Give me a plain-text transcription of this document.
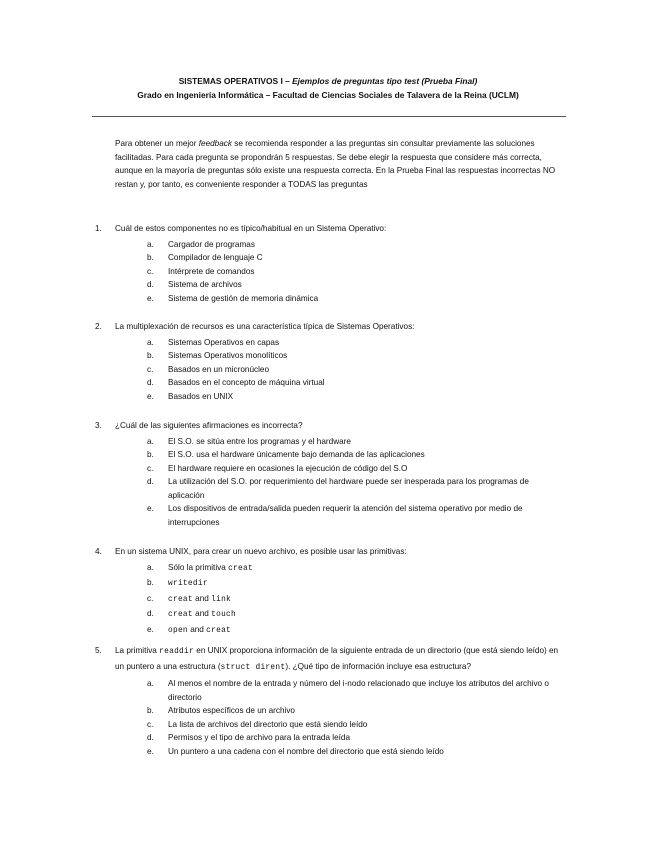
SISTEMAS OPERATIVOS I – Ejemplos de preguntas tipo test (Prueba Final)
Grado en Ingeniería Informática – Facultad de Ciencias Sociales de Talavera de la Reina (UCLM)
Para obtener un mejor feedback se recomienda responder a las preguntas sin consultar previamente las soluciones facilitadas. Para cada pregunta se propondrán 5 respuestas. Se debe elegir la respuesta que considere más correcta, aunque en la mayoría de preguntas sólo existe una respuesta correcta. En la Prueba Final las respuestas incorrectas NO restan y, por tanto, es conveniente responder a TODAS las preguntas
1. Cuál de estos componentes no es típico/habitual en un Sistema Operativo:
a. Cargador de programas
b. Compilador de lenguaje C
c. Intérprete de comandos
d. Sistema de archivos
e. Sistema de gestión de memoria dinámica
2. La multiplexación de recursos es una característica típica de Sistemas Operativos:
a. Sistemas Operativos en capas
b. Sistemas Operativos monolíticos
c. Basados en un micronúcleo
d. Basados en el concepto de máquina virtual
e. Basados en UNIX
3. ¿Cuál de las siguientes afirmaciones es incorrecta?
a. El S.O. se sitúa entre los programas y el hardware
b. El S.O. usa el hardware únicamente bajo demanda de las aplicaciones
c. El hardware requiere en ocasiones la ejecución de código del S.O
d. La utilización del S.O. por requerimiento del hardware puede ser inesperada para los programas de aplicación
e. Los dispositivos de entrada/salida pueden requerir la atención del sistema operativo por medio de interrupciones
4. En un sistema UNIX, para crear un nuevo archivo, es posible usar las primitivas:
a. Sólo la primitiva creat
b. writedir
c. creat and link
d. creat and touch
e. open and creat
5. La primitiva readdir en UNIX proporciona información de la siguiente entrada de un directorio (que está siendo leído) en un puntero a una estructura (struct dirent). ¿Qué tipo de información incluye esa estructura?
a. Al menos el nombre de la entrada y número del i-nodo relacionado que incluye los atributos del archivo o directorio
b. Atributos específicos de un archivo
c. La lista de archivos del directorio que está siendo leído
d. Permisos y el tipo de archivo para la entrada leída
e. Un puntero a una cadena con el nombre del directorio que está siendo leído
